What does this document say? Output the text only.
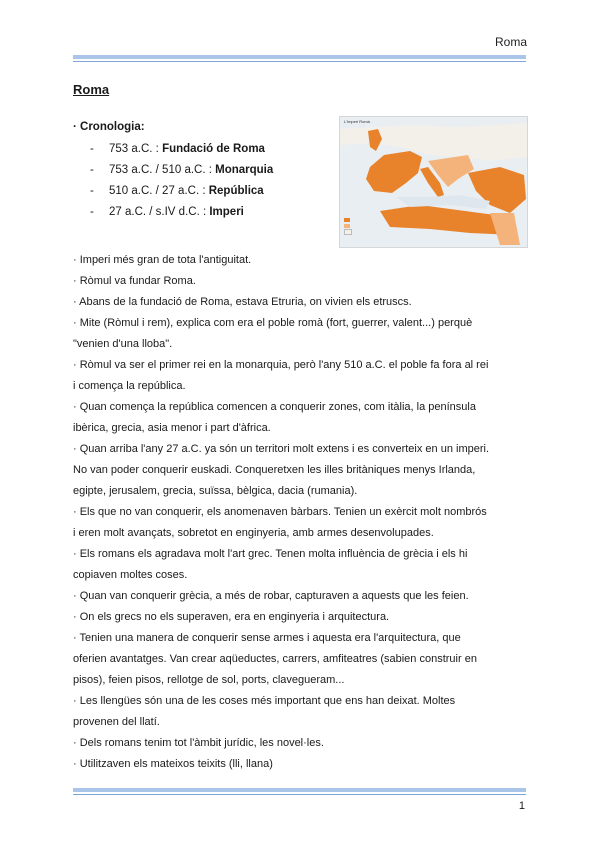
Roma
Roma
· Cronologia:
-	753 a.C. : Fundació de Roma
-	753 a.C. / 510 a.C. : Monarquia
-	510 a.C. / 27 a.C. : República
-	27 a.C. / s.IV d.C. : Imperi
L'Imperi Romà
· Imperi més gran de tota l'antiguitat.
· Ròmul va fundar Roma.
· Abans de la fundació de Roma, estava Etruria, on vivien els etruscs.
· Mite (Ròmul i rem), explica com era el poble romà (fort, guerrer, valent...) perquè
"venien d'una lloba".
· Ròmul va ser el primer rei en la monarquia, però l'any 510 a.C. el poble fa fora al rei
i comença la república.
· Quan comença la república comencen a conquerir zones, com itàlia, la península
ibèrica, grecia, asia menor i part d'àfrica.
· Quan arriba l'any 27 a.C. ya són un territori molt extens i es converteix en un imperi.
No van poder conquerir euskadi. Conqueretxen les illes britàniques menys Irlanda,
egipte, jerusalem, grecia, suïssa, bèlgica, dacia (rumania).
· Els que no van conquerir, els anomenaven bàrbars. Tenien un exèrcit molt nombrós
i eren molt avançats, sobretot en enginyeria, amb armes desenvolupades.
· Els romans els agradava molt l'art grec. Tenen molta influència de grècia i els hi
copiaven moltes coses.
· Quan van conquerir grècia, a més de robar, capturaven a aquests que les feien.
· On els grecs no els superaven, era en enginyeria i arquitectura.
· Tenien una manera de conquerir sense armes i aquesta era l'arquitectura, que
oferien avantatges. Van crear aqüeductes, carrers, amfiteatres (sabien construir en
pisos), feien pisos, rellotge de sol, ports, clavegueram...
· Les llengües són una de les coses més important que ens han deixat. Moltes
provenen del llatí.
· Dels romans tenim tot l'àmbit jurídic, les novel·les.
· Utilitzaven els mateixos teixits (lli, llana)
1
